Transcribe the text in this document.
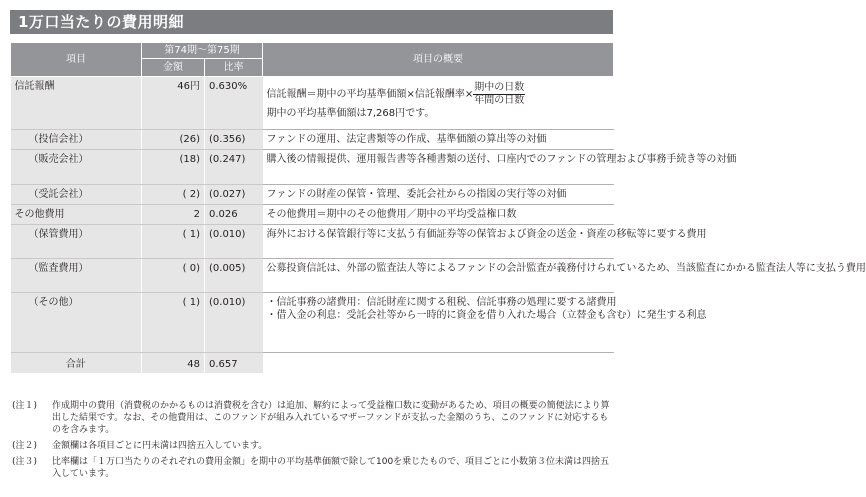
1万口当たりの費用明細
項目	第74期〜第75期		項目の概要
	金額	比率	
信託報酬	46円	0.630%	信託報酬＝期中の平均基準価額×信託報酬率× $\frac{\text{期中の日数}}{\text{年間の日数}}$
期中の平均基準価額は7,268円です。

（投信会社）	(26)	(0.356)	ファンドの運用、法定書類等の作成、基準価額の算出等の対価
（販売会社）	(18)	(0.247)	購入後の情報提供、運用報告書等各種書類の送付、口座内でのファンドの管理および事務手続き等の対価
（受託会社）	( 2)	(0.027)	ファンドの財産の保管・管理、委託会社からの指図の実行等の対価
その他費用	2	0.026	その他費用＝期中のその他費用／期中の平均受益権口数
（保管費用）	( 1)	(0.010)	海外における保管銀行等に支払う有価証券等の保管および資金の送金・資産の移転等に要する費用
（監査費用）	( 0)	(0.005)	公募投資信託は、外部の監査法人等によるファンドの会計監査が義務付けられているため、当該監査にかかる監査法人等に支払う費用
（その他）	( 1)	(0.010)	・信託事務の諸費用：信託財産に関する租税、信託事務の処理に要する諸費用
・借入金の利息：受託会社等から一時的に資金を借り入れた場合（立替金も含む）に発生する利息

合計	48	0.657	
(注１)	作成期中の費用（消費税のかかるものは消費税を含む）は追加、解約によって受益権口数に変動があるため、項目の概要の簡便法により算出した結果です。なお、その他費用は、このファンドが組み入れているマザーファンドが支払った金額のうち、このファンドに対応するものを含みます。
(注２)	金額欄は各項目ごとに円未満は四捨五入しています。
(注３)	比率欄は「１万口当たりのそれぞれの費用金額」を期中の平均基準価額で除して100を乗じたもので、項目ごとに小数第３位未満は四捨五入しています。
